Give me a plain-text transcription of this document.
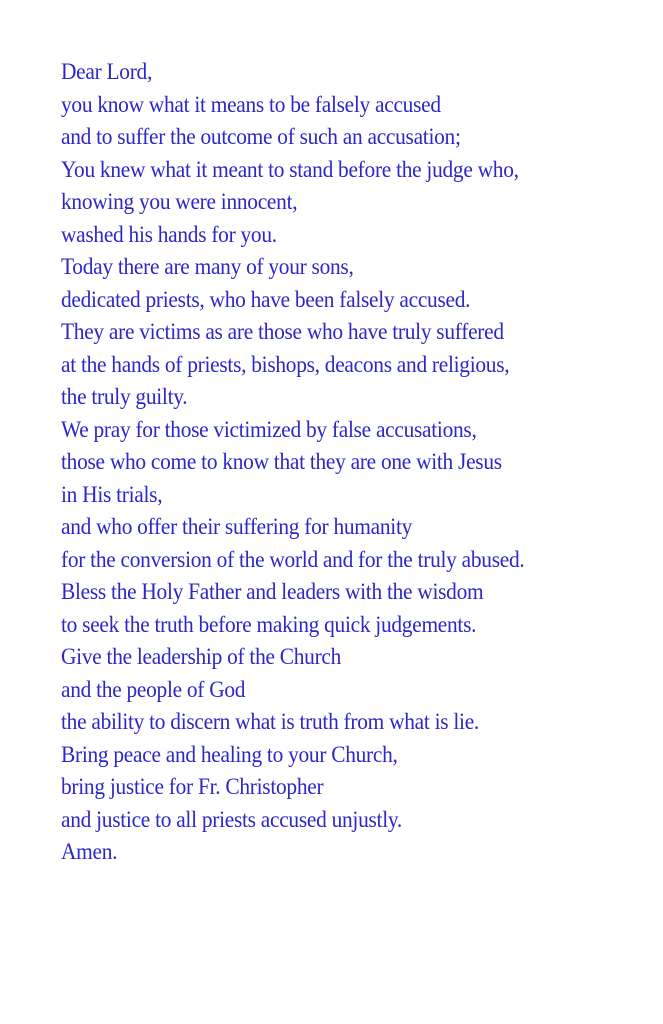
Dear Lord,
you know what it means to be falsely accused
and to suffer the outcome of such an accusation;
You knew what it meant to stand before the judge who,
knowing you were innocent,
washed his hands for you.
Today there are many of your sons,
dedicated priests, who have been falsely accused.
They are victims as are those who have truly suffered
at the hands of priests, bishops, deacons and religious,
the truly guilty.
We pray for those victimized by false accusations,
those who come to know that they are one with Jesus
in His trials,
and who offer their suffering for humanity
for the conversion of the world and for the truly abused.
Bless the Holy Father and leaders with the wisdom
to seek the truth before making quick judgements.
Give the leadership of the Church
and the people of God
the ability to discern what is truth from what is lie.
Bring peace and healing to your Church,
bring justice for Fr. Christopher
and justice to all priests accused unjustly.
Amen.
